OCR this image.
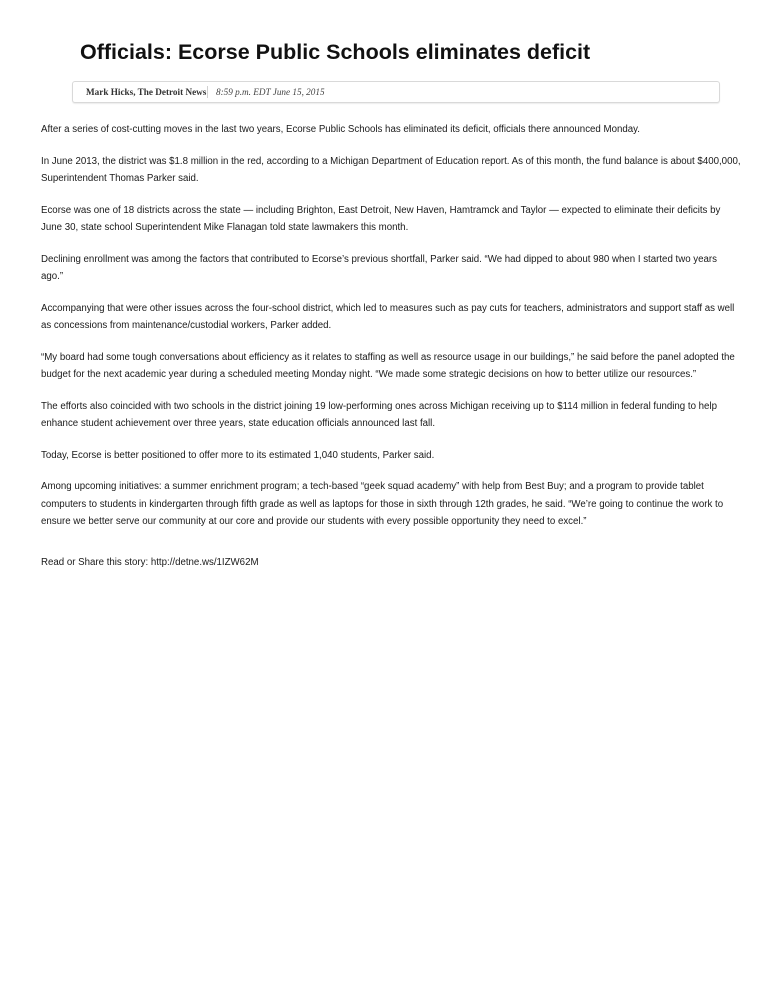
Officials: Ecorse Public Schools eliminates deficit
Mark Hicks, The Detroit News 8:59 p.m. EDT June 15, 2015

After a series of cost-cutting moves in the last two years, Ecorse Public Schools has eliminated its deficit, officials there announced Monday.

In June 2013, the district was $1.8 million in the red, according to a Michigan Department of Education report. As of this month, the fund balance is about $400,000, Superintendent Thomas Parker said.

Ecorse was one of 18 districts across the state — including Brighton, East Detroit, New Haven, Hamtramck and Taylor — expected to eliminate their deficits by June 30, state school Superintendent Mike Flanagan told state lawmakers this month.

Declining enrollment was among the factors that contributed to Ecorse’s previous shortfall, Parker said. “We had dipped to about 980 when I started two years ago.”

Accompanying that were other issues across the four-school district, which led to measures such as pay cuts for teachers, administrators and support staff as well as concessions from maintenance/custodial workers, Parker added.

“My board had some tough conversations about efficiency as it relates to staffing as well as resource usage in our buildings,” he said before the panel adopted the budget for the next academic year during a scheduled meeting Monday night. “We made some strategic decisions on how to better utilize our resources.”

The efforts also coincided with two schools in the district joining 19 low-performing ones across Michigan receiving up to $114 million in federal funding to help enhance student achievement over three years, state education officials announced last fall.

Today, Ecorse is better positioned to offer more to its estimated 1,040 students, Parker said.

Among upcoming initiatives: a summer enrichment program; a tech-based “geek squad academy” with help from Best Buy; and a program to provide tablet computers to students in kindergarten through fifth grade as well as laptops for those in sixth through 12th grades, he said. “We’re going to continue the work to ensure we better serve our community at our core and provide our students with every possible opportunity they need to excel.”

Read or Share this story: http://detne.ws/1IZW62M
